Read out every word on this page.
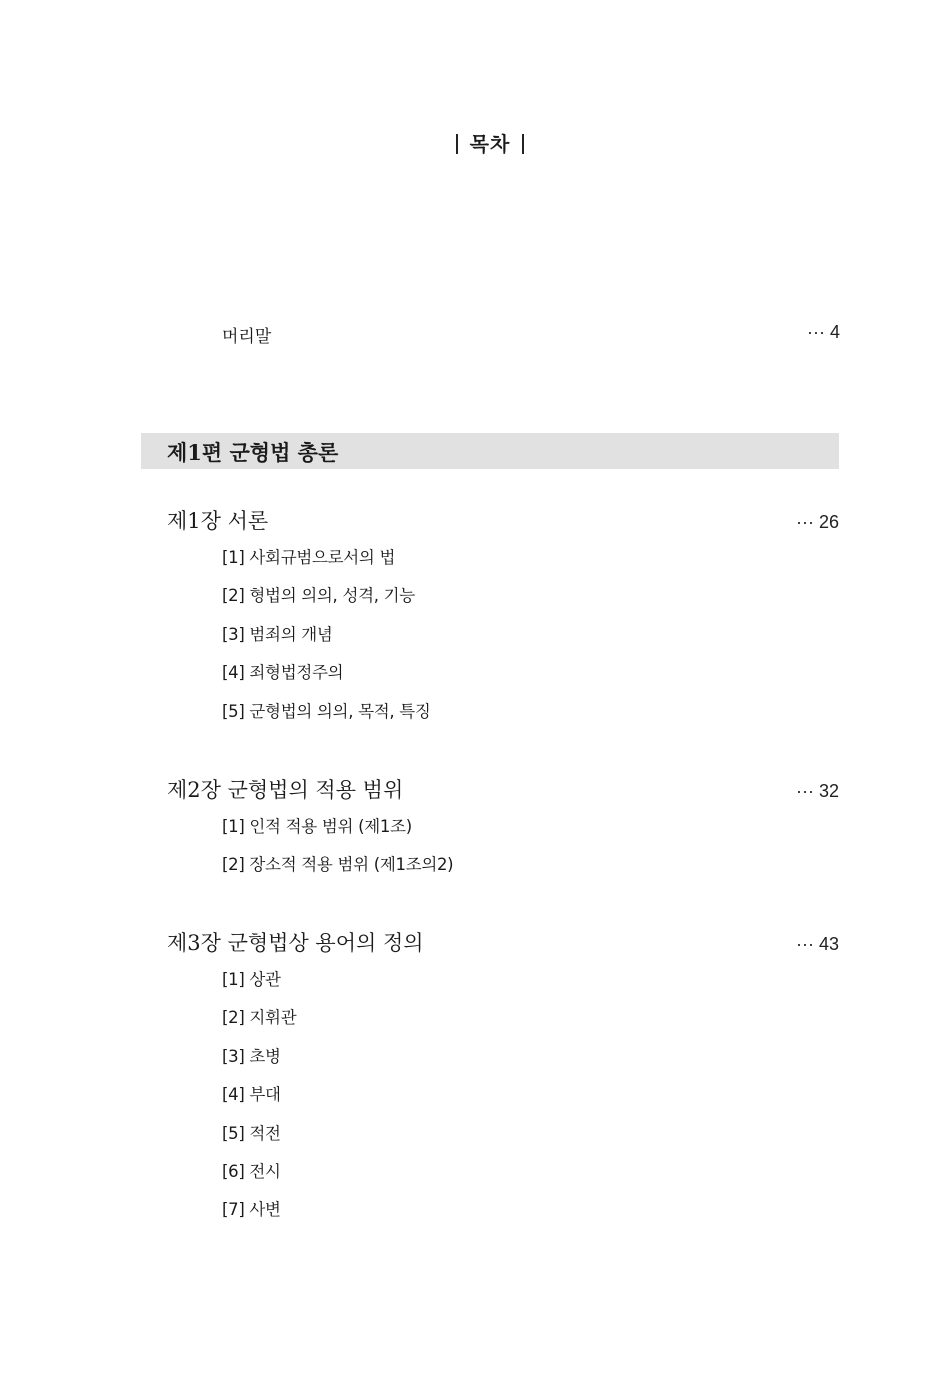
목차
머리말	··· 4
제1편 군형법 총론
제1장 서론	··· 26
[1] 사회규범으로서의 법
[2] 형법의 의의, 성격, 기능
[3] 범죄의 개념
[4] 죄형법정주의
[5] 군형법의 의의, 목적, 특징
제2장 군형법의 적용 범위	··· 32
[1] 인적 적용 범위 (제1조)
[2] 장소적 적용 범위 (제1조의2)
제3장 군형법상 용어의 정의	··· 43
[1] 상관
[2] 지휘관
[3] 초병
[4] 부대
[5] 적전
[6] 전시
[7] 사변
